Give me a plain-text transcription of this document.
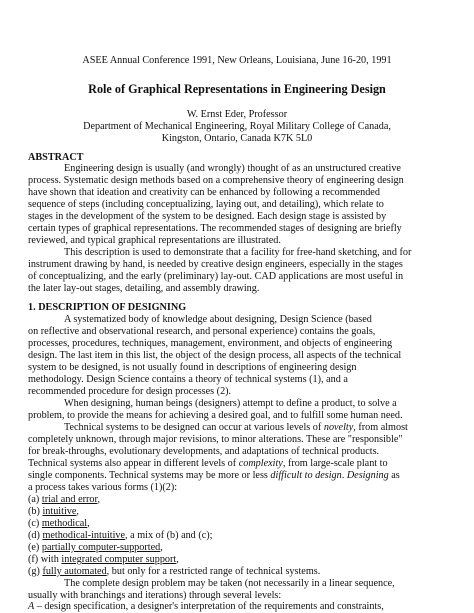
ASEE Annual Conference 1991, New Orleans, Louisiana, June 16-20, 1991
Role of Graphical Representations in Engineering Design
W. Ernst Eder, Professor
Department of Mechanical Engineering, Royal Military College of Canada,
Kingston, Ontario, Canada K7K 5L0
ABSTRACT
Engineering design is usually (and wrongly) thought of as an unstructured creative
process. Systematic design methods based on a comprehensive theory of engineering design
have shown that ideation and creativity can be enhanced by following a recommended
sequence of steps (including conceptualizing, laying out, and detailing), which relate to
stages in the development of the system to be designed. Each design stage is assisted by
certain types of graphical representations. The recommended stages of designing are briefly
reviewed, and typical graphical representations are illustrated.
This description is used to demonstrate that a facility for free-hand sketching, and for
instrument drawing by hand, is needed by creative design engineers, especially in the stages
of conceptualizing, and the early (preliminary) lay-out. CAD applications are most useful in
the later lay-out stages, detailing, and assembly drawing.
1. DESCRIPTION OF DESIGNING
A systematized body of knowledge about designing, Design Science (based
on reflective and observational research, and personal experience) contains the goals,
processes, procedures, techniques, management, environment, and objects of engineering
design. The last item in this list, the object of the design process, all aspects of the technical
system to be designed, is not usually found in descriptions of engineering design
methodology. Design Science contains a theory of technical systems (1), and a
recommended procedure for design processes (2).
When designing, human beings (designers) attempt to define a product, to solve a
problem, to provide the means for achieving a desired goal, and to fulfill some human need.
Technical systems to be designed can occur at various levels of novelty, from almost
completely unknown, through major revisions, to minor alterations. These are "responsible"
for break-throughs, evolutionary developments, and adaptations of technical products.
Technical systems also appear in different levels of complexity, from large-scale plant to
single components. Technical systems may be more or less difficult to design. Designing as
a process takes various forms (1)(2):
(a) trial and error,
(b) intuitive,
(c) methodical,
(d) methodical-intuitive, a mix of (b) and (c);
(e) partially computer-supported,
(f) with integrated computer support,
(g) fully automated, but only for a restricted range of technical systems.
The complete design problem may be taken (not necessarily in a linear sequence,
usually with branchings and iterations) through several levels:
A – design specification, a designer's interpretation of the requirements and constraints,
